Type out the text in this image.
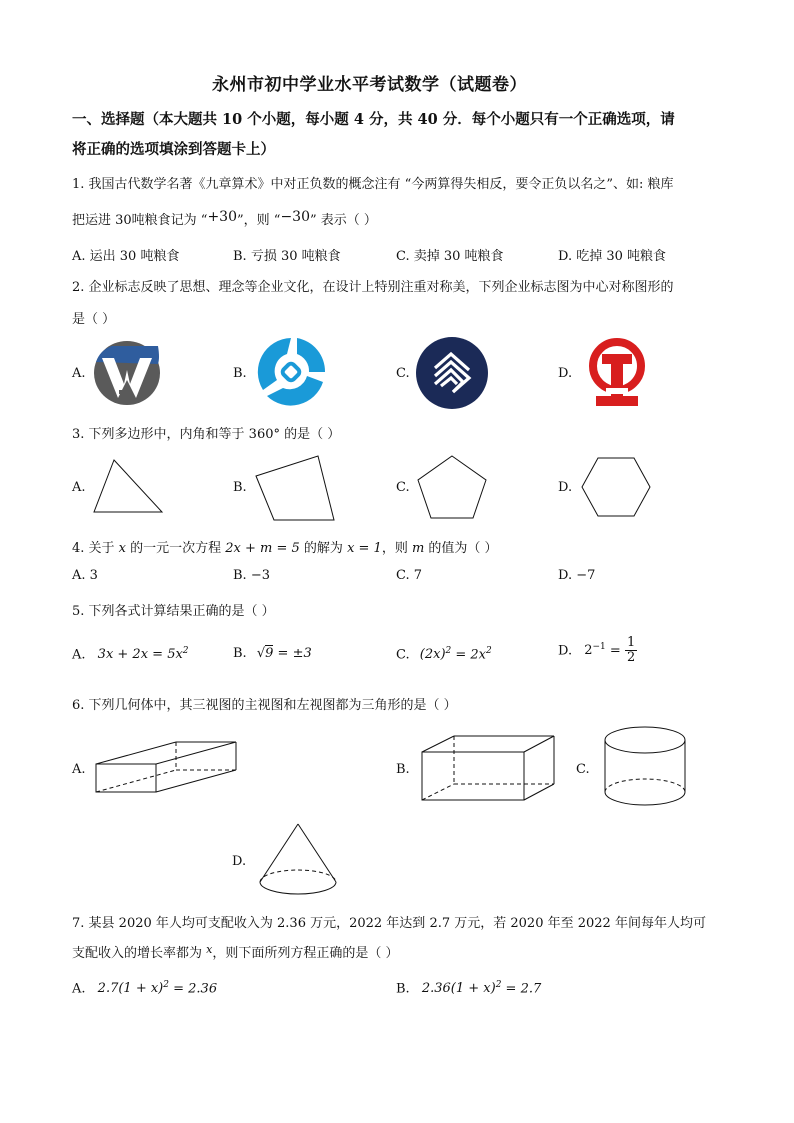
永州市初中学业水平考试数学（试题卷）
一、选择题（本大题共 10 个小题，每小题 4 分，共 40 分．每个小题只有一个正确选项，请
将正确的选项填涂到答题卡上）
1. 我国古代数学名著《九章算术》中对正负数的概念注有 “今两算得失相反，要令正负以名之”、如: 粮库
把运进 30吨粮食记为 “+30”，则 “−30” 表示（ ）
A. 运出 30 吨粮食	B. 亏损 30 吨粮食	C. 卖掉 30 吨粮食	D. 吃掉 30 吨粮食
2. 企业标志反映了思想、理念等企业文化，在设计上特别注重对称美，下列企业标志图为中心对称图形的
是（ ）
A.	B.	C.	D.
3. 下列多边形中，内角和等于 360° 的是（ ）
A.	B.	C.	D.
4. 关于 x 的一元一次方程 2x + m = 5 的解为 x = 1，则 m 的值为（ ）
A. 3	B. −3	C. 7	D. −7
5. 下列各式计算结果正确的是（ ）
A. $3x + 2x = 5x^2$	B. √9 = ±3	C. $(2x)^2 = 2x^2$	D. $2^{-1} = \frac{1}{2}$
6. 下列几何体中，其三视图的主视图和左视图都为三角形的是（ ）
A.	B.	C.
D.
7. 某县 2020 年人均可支配收入为 2.36 万元，2022 年达到 2.7 万元，若 2020 年至 2022 年间每年人均可
支配收入的增长率都为 $^x$，则下面所列方程正确的是（ ）
A. $2.7(1 + x)^2 = 2.36$	B. $2.36(1 + x)^2 = 2.7$
